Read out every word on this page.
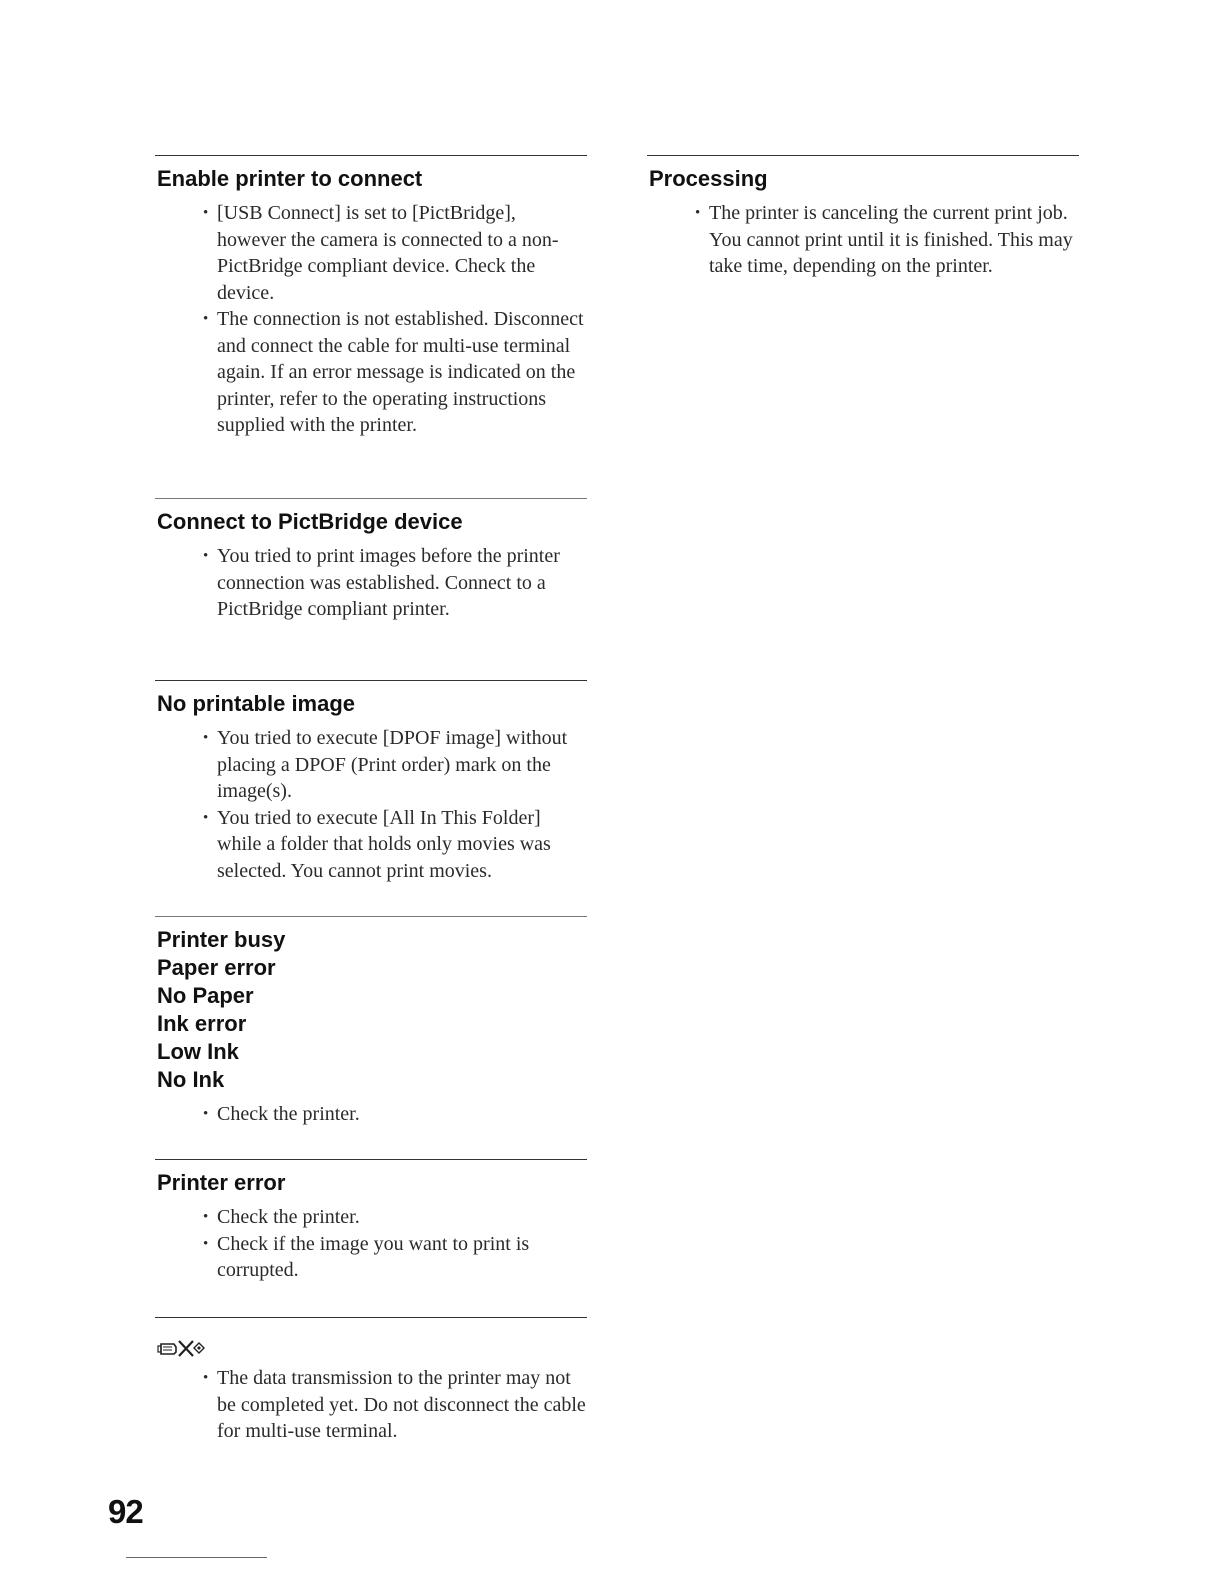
Enable printer to connect
• [USB Connect] is set to [PictBridge], however the camera is connected to a non-PictBridge compliant device. Check the device.
• The connection is not established. Disconnect and connect the cable for multi-use terminal again. If an error message is indicated on the printer, refer to the operating instructions supplied with the printer.
Connect to PictBridge device
• You tried to print images before the printer connection was established. Connect to a PictBridge compliant printer.
No printable image
• You tried to execute [DPOF image] without placing a DPOF (Print order) mark on the image(s).
• You tried to execute [All In This Folder] while a folder that holds only movies was selected. You cannot print movies.
Printer busy
Paper error
No Paper
Ink error
Low Ink
No Ink
• Check the printer.
Printer error
• Check the printer.
• Check if the image you want to print is corrupted.
• The data transmission to the printer may not be completed yet. Do not disconnect the cable for multi-use terminal.
Processing
• The printer is canceling the current print job. You cannot print until it is finished. This may take time, depending on the printer.
92
